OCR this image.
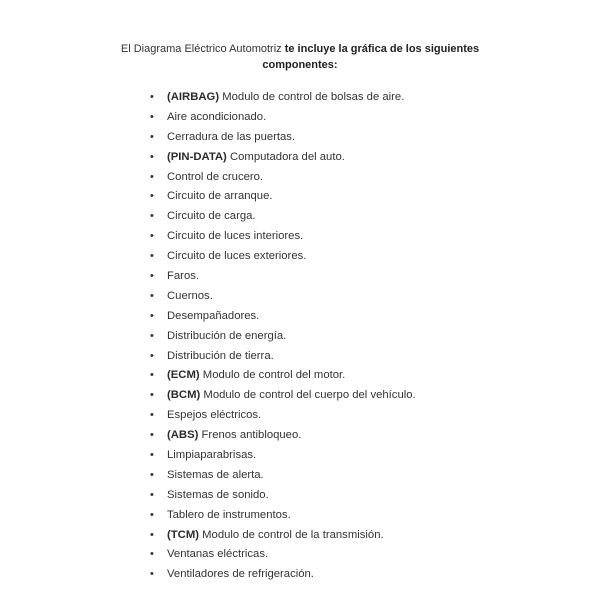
El Diagrama Eléctrico Automotriz te incluye la gráfica de los siguientes
componentes:
• (AIRBAG) Modulo de control de bolsas de aire.
• Aire acondicionado.
• Cerradura de las puertas.
• (PIN-DATA) Computadora del auto.
• Control de crucero.
• Circuito de arranque.
• Circuito de carga.
• Circuito de luces interiores.
• Circuito de luces exteriores.
• Faros.
• Cuernos.
• Desempañadores.
• Distribución de energía.
• Distribución de tierra.
• (ECM) Modulo de control del motor.
• (BCM) Modulo de control del cuerpo del vehículo.
• Espejos eléctricos.
• (ABS) Frenos antibloqueo.
• Limpiaparabrisas.
• Sistemas de alerta.
• Sistemas de sonido.
• Tablero de instrumentos.
• (TCM) Modulo de control de la transmisión.
• Ventanas eléctricas.
• Ventiladores de refrigeración.
